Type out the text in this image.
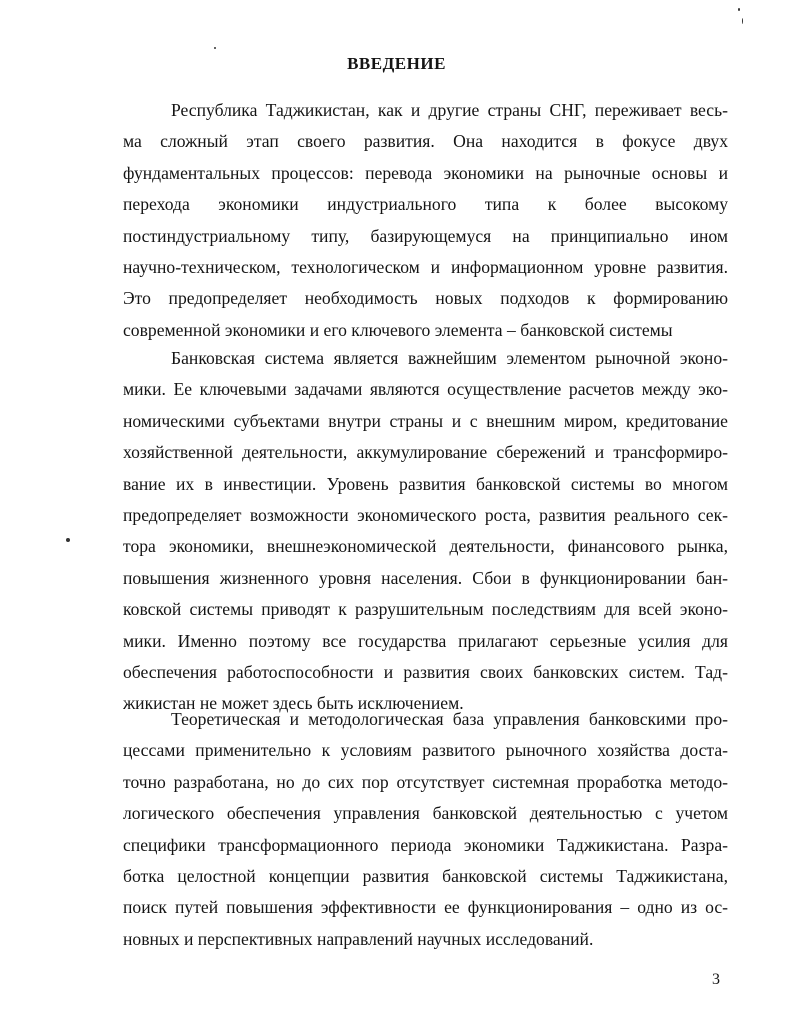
ВВЕДЕНИЕ
Республика Таджикистан, как и другие страны СНГ, переживает весь-
ма сложный этап своего развития. Она находится в фокусе двух
фундаментальных процессов: перевода экономики на рыночные основы и
перехода экономики индустриального типа к более высокому
постиндустриальному типу, базирующемуся на принципиально ином
научно-техническом, технологическом и информационном уровне развития.
Это предопределяет необходимость новых подходов к формированию
современной экономики и его ключевого элемента – банковской системы
Банковская система является важнейшим элементом рыночной эконо-
мики. Ее ключевыми задачами являются осуществление расчетов между эко-
номическими субъектами внутри страны и с внешним миром, кредитование
хозяйственной деятельности, аккумулирование сбережений и трансформиро-
вание их в инвестиции. Уровень развития банковской системы во многом
предопределяет возможности экономического роста, развития реального сек-
тора экономики, внешнеэкономической деятельности, финансового рынка,
повышения жизненного уровня населения. Сбои в функционировании бан-
ковской системы приводят к разрушительным последствиям для всей эконо-
мики. Именно поэтому все государства прилагают серьезные усилия для
обеспечения работоспособности и развития своих банковских систем. Тад-
жикистан не может здесь быть исключением.
Теоретическая и методологическая база управления банковскими про-
цессами применительно к условиям развитого рыночного хозяйства доста-
точно разработана, но до сих пор отсутствует системная проработка методо-
логического обеспечения управления банковской деятельностью с учетом
специфики трансформационного периода экономики Таджикистана. Разра-
ботка целостной концепции развития банковской системы Таджикистана,
поиск путей повышения эффективности ее функционирования – одно из ос-
новных и перспективных направлений научных исследований.
3
